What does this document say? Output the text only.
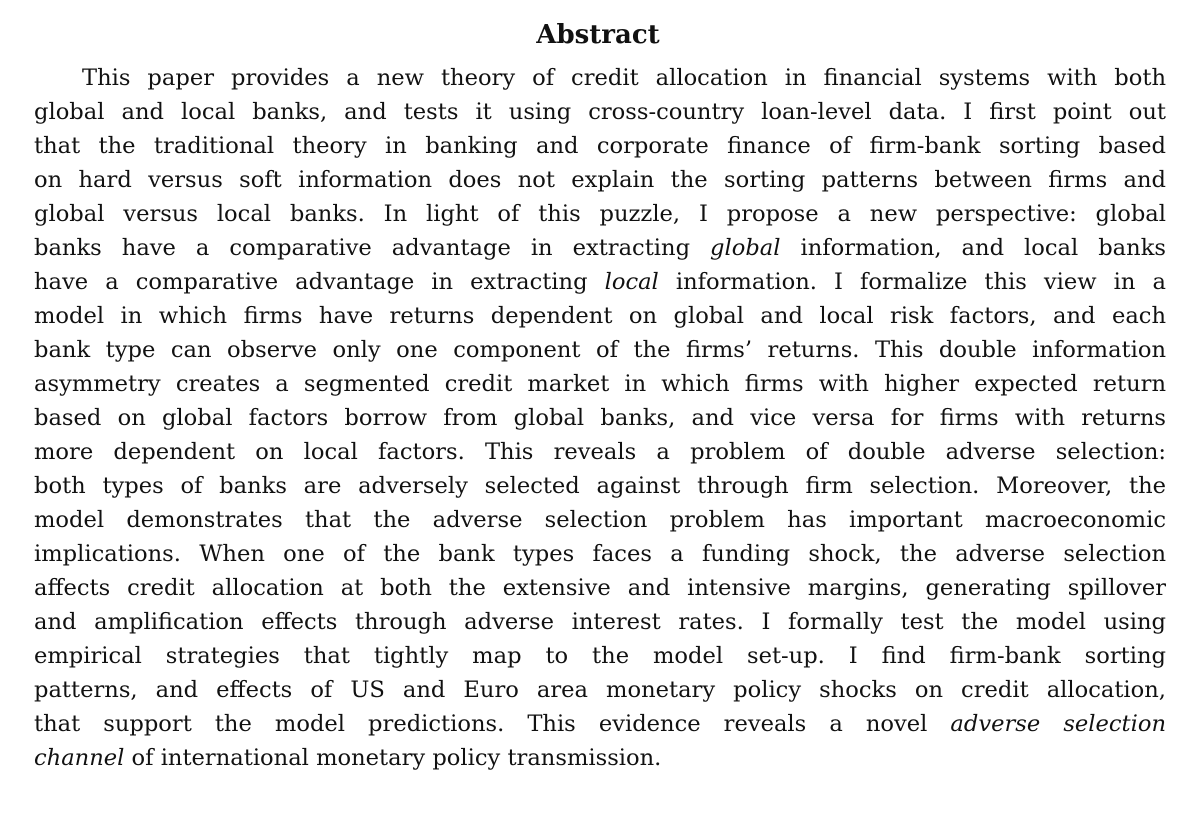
Abstract
This paper provides a new theory of credit allocation in financial systems with both
global and local banks, and tests it using cross-country loan-level data. I first point out
that the traditional theory in banking and corporate finance of firm-bank sorting based
on hard versus soft information does not explain the sorting patterns between firms and
global versus local banks. In light of this puzzle, I propose a new perspective: global
banks have a comparative advantage in extracting global information, and local banks
have a comparative advantage in extracting local information. I formalize this view in a
model in which firms have returns dependent on global and local risk factors, and each
bank type can observe only one component of the firms’ returns. This double information
asymmetry creates a segmented credit market in which firms with higher expected return
based on global factors borrow from global banks, and vice versa for firms with returns
more dependent on local factors. This reveals a problem of double adverse selection:
both types of banks are adversely selected against through firm selection. Moreover, the
model demonstrates that the adverse selection problem has important macroeconomic
implications. When one of the bank types faces a funding shock, the adverse selection
affects credit allocation at both the extensive and intensive margins, generating spillover
and amplification effects through adverse interest rates. I formally test the model using
empirical strategies that tightly map to the model set-up. I find firm-bank sorting
patterns, and effects of US and Euro area monetary policy shocks on credit allocation,
that support the model predictions. This evidence reveals a novel adverse selection
channel of international monetary policy transmission.
